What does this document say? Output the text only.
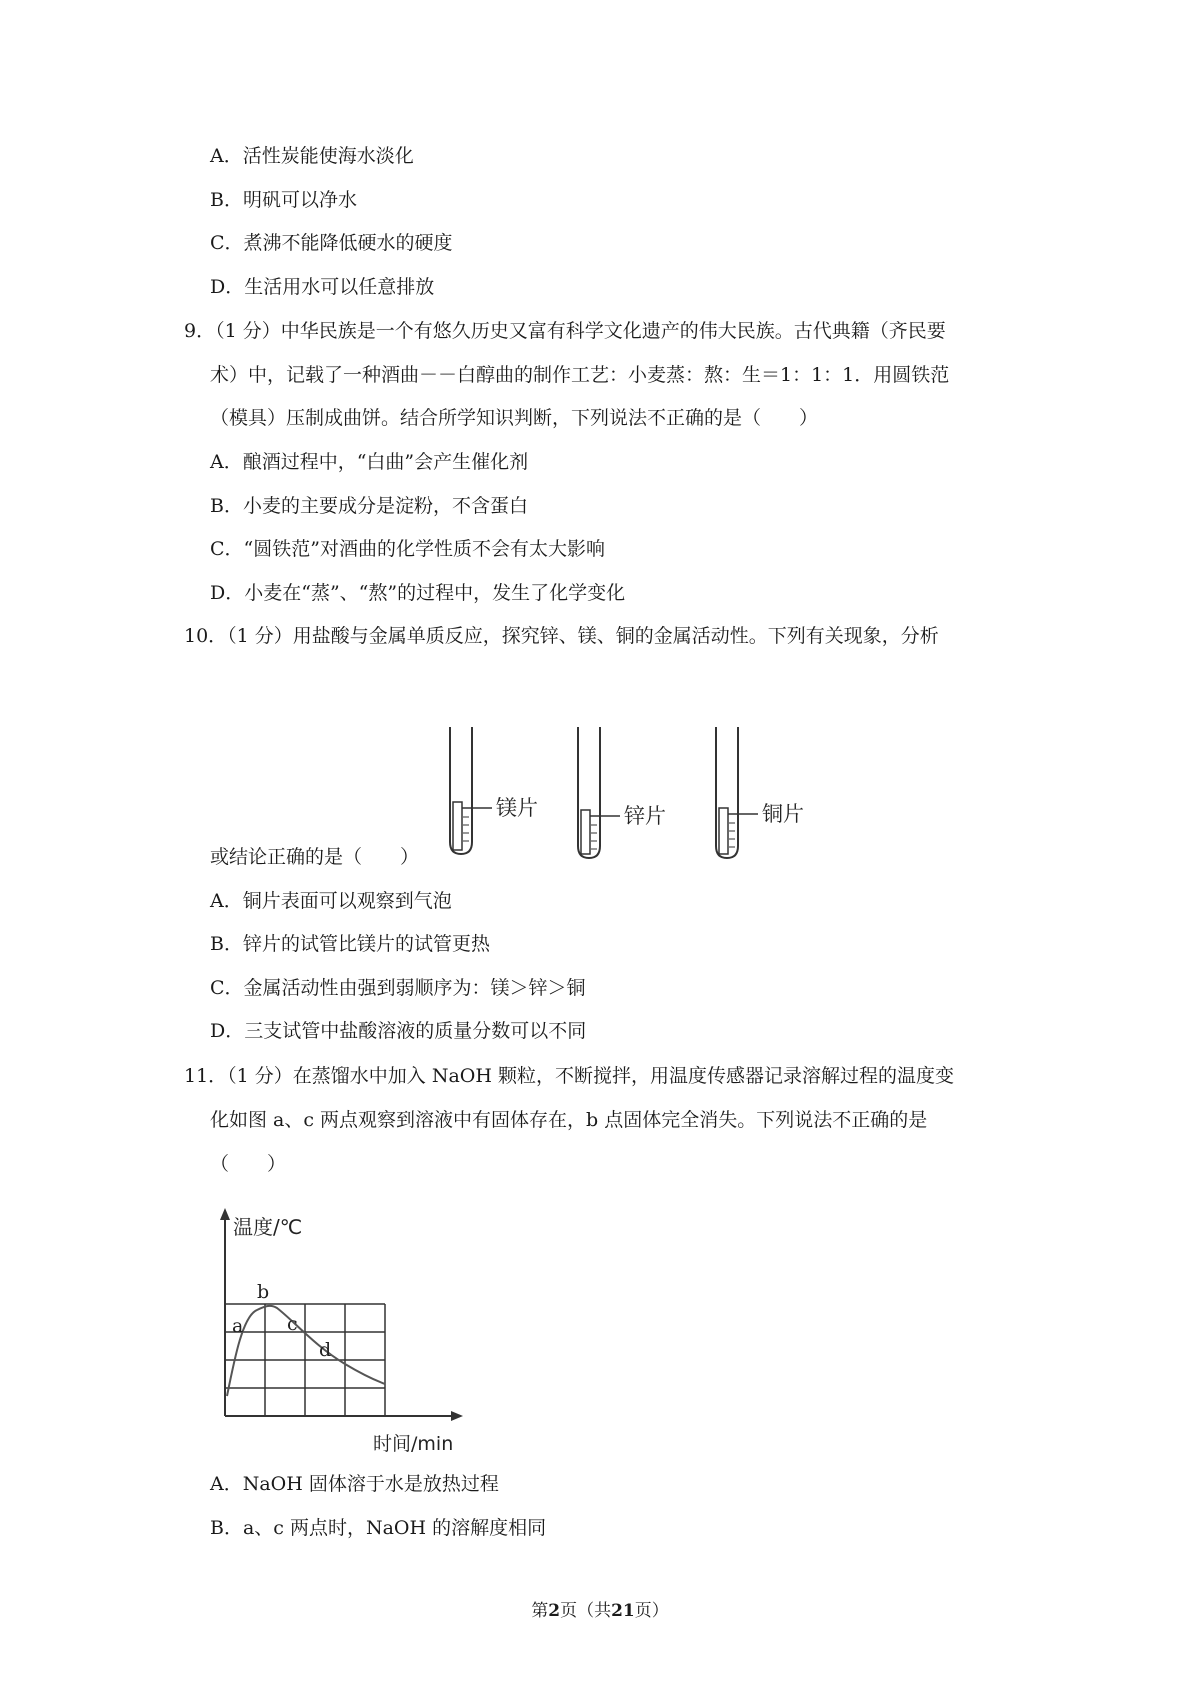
A．活性炭能使海水淡化
B．明矾可以净水
C．煮沸不能降低硬水的硬度
D．生活用水可以任意排放
9．（1 分）中华民族是一个有悠久历史又富有科学文化遗产的伟大民族。古代典籍（齐民要
术）中，记载了一种酒曲－－白醇曲的制作工艺：小麦蒸：熬：生＝1：1：1．用圆铁范
（模具）压制成曲饼。结合所学知识判断，下列说法不正确的是（　　）
A．酿酒过程中，“白曲”会产生催化剂
B．小麦的主要成分是淀粉，不含蛋白
C．“圆铁范”对酒曲的化学性质不会有太大影响
D．小麦在“蒸”、“熬”的过程中，发生了化学变化
10．（1 分）用盐酸与金属单质反应，探究锌、镁、铜的金属活动性。下列有关现象，分析
镁片	锌片	铜片
或结论正确的是（　　）
A．铜片表面可以观察到气泡
B．锌片的试管比镁片的试管更热
C．金属活动性由强到弱顺序为：镁＞锌＞铜
D．三支试管中盐酸溶液的质量分数可以不同
11．（1 分）在蒸馏水中加入 NaOH 颗粒，不断搅拌，用温度传感器记录溶解过程的温度变
化如图 a、c 两点观察到溶液中有固体存在，b 点固体完全消失。下列说法不正确的是
（　　）
a
b
c
d
温度/℃
时间/min
A．NaOH 固体溶于水是放热过程
B．a、c 两点时，NaOH 的溶解度相同
第2页（共21页）
